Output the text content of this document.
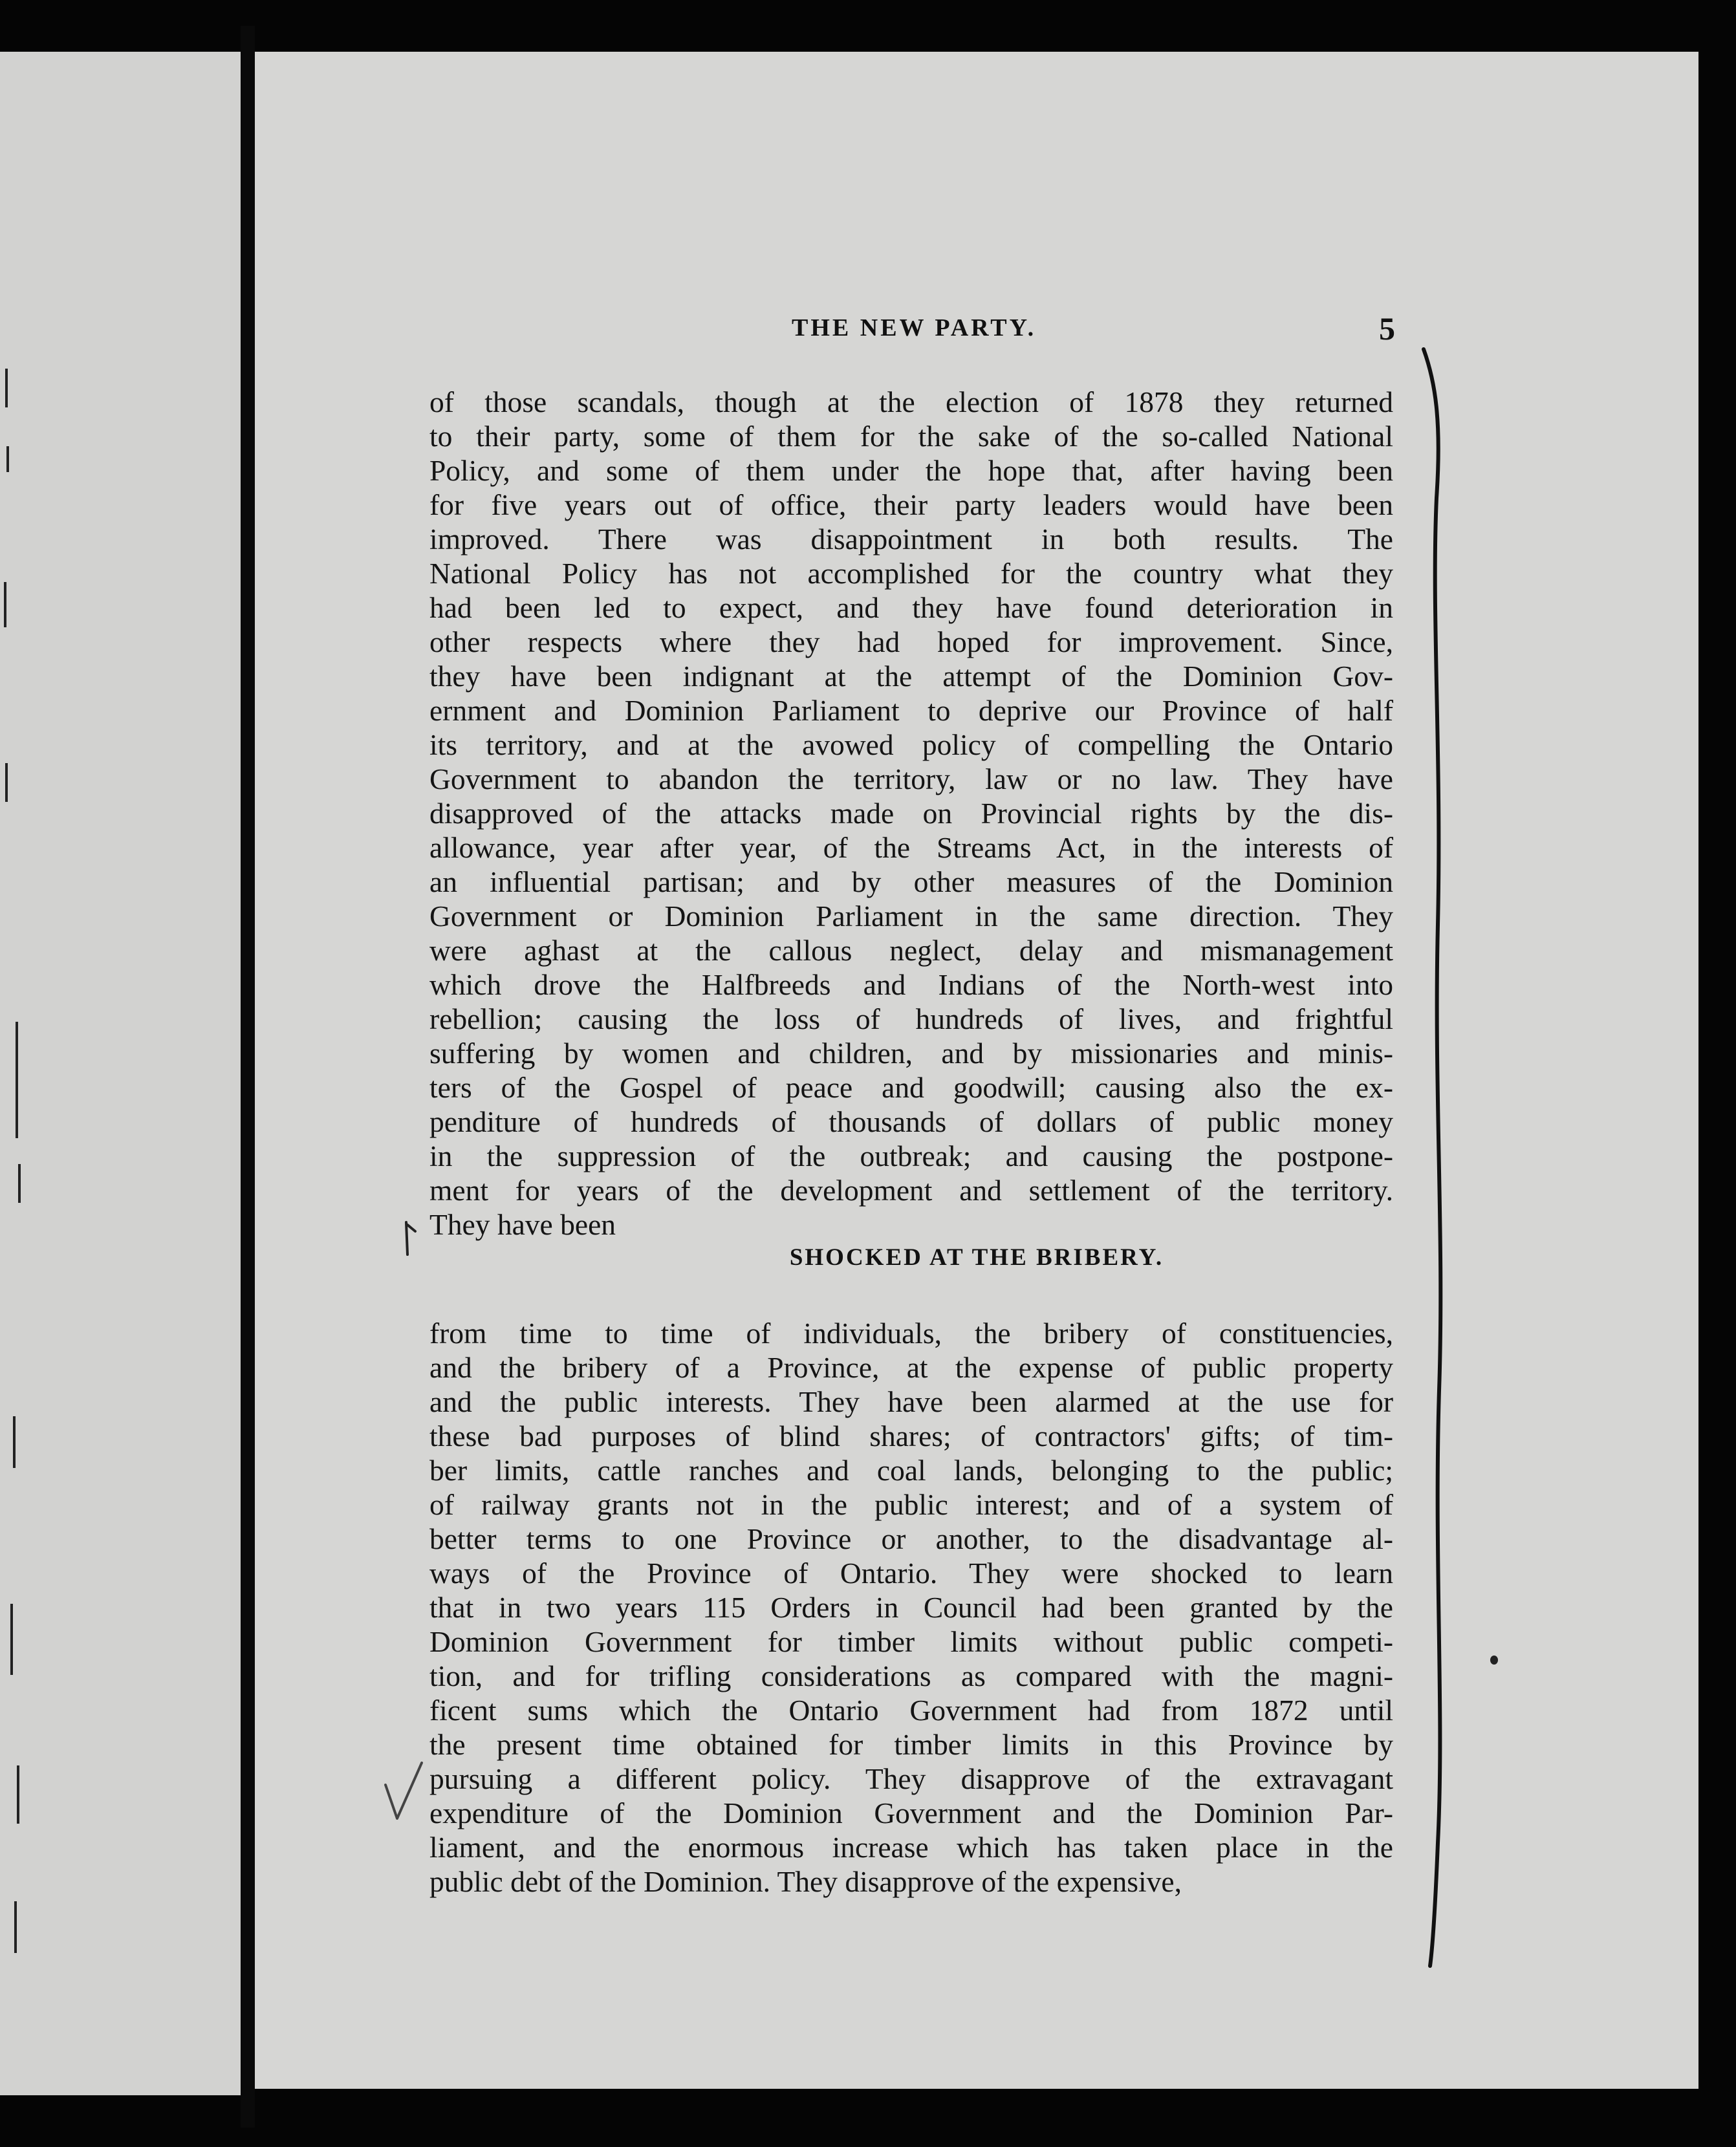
THE NEW PARTY.	5
of those scandals, though at the election of 1878 they returned
to their party, some of them for the sake of the so-called National
Policy, and some of them under the hope that, after having been
for five years out of office, their party leaders would have been
improved. There was disappointment in both results. The
National Policy has not accomplished for the country what they
had been led to expect, and they have found deterioration in
other respects where they had hoped for improvement. Since,
they have been indignant at the attempt of the Dominion Gov-
ernment and Dominion Parliament to deprive our Province of half
its territory, and at the avowed policy of compelling the Ontario
Government to abandon the territory, law or no law. They have
disapproved of the attacks made on Provincial rights by the dis-
allowance, year after year, of the Streams Act, in the interests of
an influential partisan; and by other measures of the Dominion
Government or Dominion Parliament in the same direction. They
were aghast at the callous neglect, delay and mismanagement
which drove the Halfbreeds and Indians of the North-west into
rebellion; causing the loss of hundreds of lives, and frightful
suffering by women and children, and by missionaries and minis-
ters of the Gospel of peace and goodwill; causing also the ex-
penditure of hundreds of thousands of dollars of public money
in the suppression of the outbreak; and causing the postpone-
ment for years of the development and settlement of the territory.
They have been
SHOCKED AT THE BRIBERY.
from time to time of individuals, the bribery of constituencies,
and the bribery of a Province, at the expense of public property
and the public interests. They have been alarmed at the use for
these bad purposes of blind shares; of contractors' gifts; of tim-
ber limits, cattle ranches and coal lands, belonging to the public;
of railway grants not in the public interest; and of a system of
better terms to one Province or another, to the disadvantage al-
ways of the Province of Ontario. They were shocked to learn
that in two years 115 Orders in Council had been granted by the
Dominion Government for timber limits without public competi-
tion, and for trifling considerations as compared with the magni-
ficent sums which the Ontario Government had from 1872 until
the present time obtained for timber limits in this Province by
pursuing a different policy. They disapprove of the extravagant
expenditure of the Dominion Government and the Dominion Par-
liament, and the enormous increase which has taken place in the
public debt of the Dominion. They disapprove of the expensive,
